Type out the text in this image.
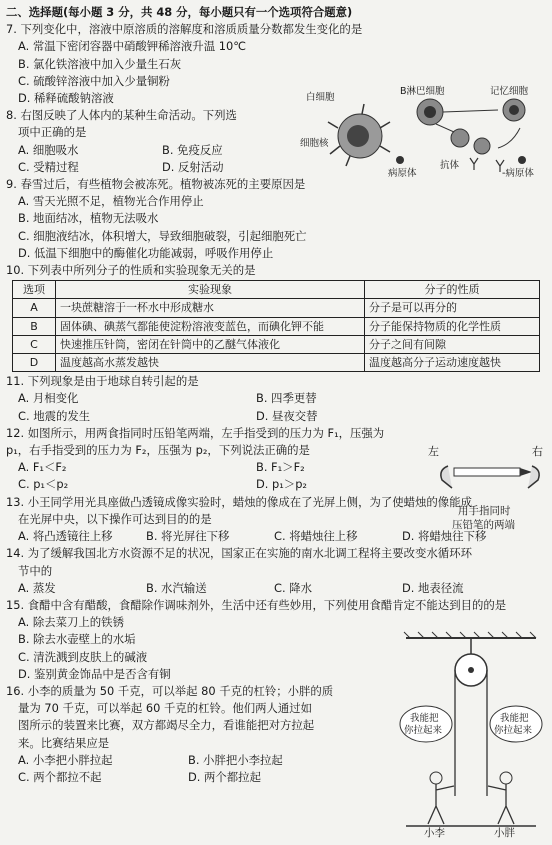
二、选择题(每小题 3 分，共 48 分，每小题只有一个选项符合题意)
7. 下列变化中，溶液中原溶质的溶解度和溶质质量分数都发生变化的是
A. 常温下密闭容器中硝酸钾稀溶液升温 10℃
B. 氯化铁溶液中加入少量生石灰
C. 硫酸锌溶液中加入少量铜粉
D. 稀释硫酸钠溶液
8. 右图反映了人体内的某种生命活动。下列选
项中正确的是
A. 细胞吸水	B. 免疫反应
C. 受精过程	D. 反射活动
9. 春雪过后，有些植物会被冻死。植物被冻死的主要原因是
A. 雪天光照不足，植物光合作用停止
B. 地面结冰，植物无法吸水
C. 细胞液结冰，体积增大，导致细胞破裂，引起细胞死亡
D. 低温下细胞中的酶催化功能减弱，呼吸作用停止
10. 下列表中所列分子的性质和实验现象无关的是
选项	实验现象	分子的性质
A	一块蔗糖溶于一杯水中形成糖水	分子是可以再分的
B	固体碘、碘蒸气都能使淀粉溶液变蓝色，而碘化钾不能	分子能保持物质的化学性质
C	快速推压针筒，密闭在针筒中的乙醚气体液化	分子之间有间隙
D	温度越高水蒸发越快	温度越高分子运动速度越快
11. 下列现象是由于地球自转引起的是
A. 月相变化	B. 四季更替
C. 地震的发生	D. 昼夜交替
12. 如图所示，用两食指同时压铅笔两端，左手指受到的压力为 F₁，压强为
p₁，右手指受到的压力为 F₂，压强为 p₂，下列说法正确的是
A. F₁＜F₂	B. F₁＞F₂
C. p₁＜p₂	D. p₁＞p₂
13. 小王同学用光具座做凸透镜成像实验时，蜡烛的像成在了光屏上侧，为了使蜡烛的像能成
在光屏中央，以下操作可达到目的的是
A. 将凸透镜往上移	B. 将光屏往下移	C. 将蜡烛往上移	D. 将蜡烛往下移
14. 为了缓解我国北方水资源不足的状况，国家正在实施的南水北调工程将主要改变水循环环
节中的
A. 蒸发	B. 水汽输送	C. 降水	D. 地表径流
15. 食醋中含有醋酸，食醋除作调味剂外，生活中还有些妙用，下列使用食醋肯定不能达到目的的是
A. 除去菜刀上的铁锈
B. 除去水壶壁上的水垢
C. 清洗溅到皮肤上的碱液
D. 鉴别黄金饰品中是否含有铜
16. 小李的质量为 50 千克，可以举起 80 千克的杠铃；小胖的质
量为 70 千克，可以举起 60 千克的杠铃。他们两人通过如
图所示的装置来比赛，双方都竭尽全力，看谁能把对方拉起
来。比赛结果应是
A. 小李把小胖拉起	B. 小胖把小李拉起
C. 两个都拉不起	D. 两个都拉起
白细胞
B淋巴细胞	记忆细胞
细胞核
抗体
病原体	-病原体
左	右
用手指同时
压铅笔的两端
我能把
你拉起来
我能把
你拉起来
小李	小胖
